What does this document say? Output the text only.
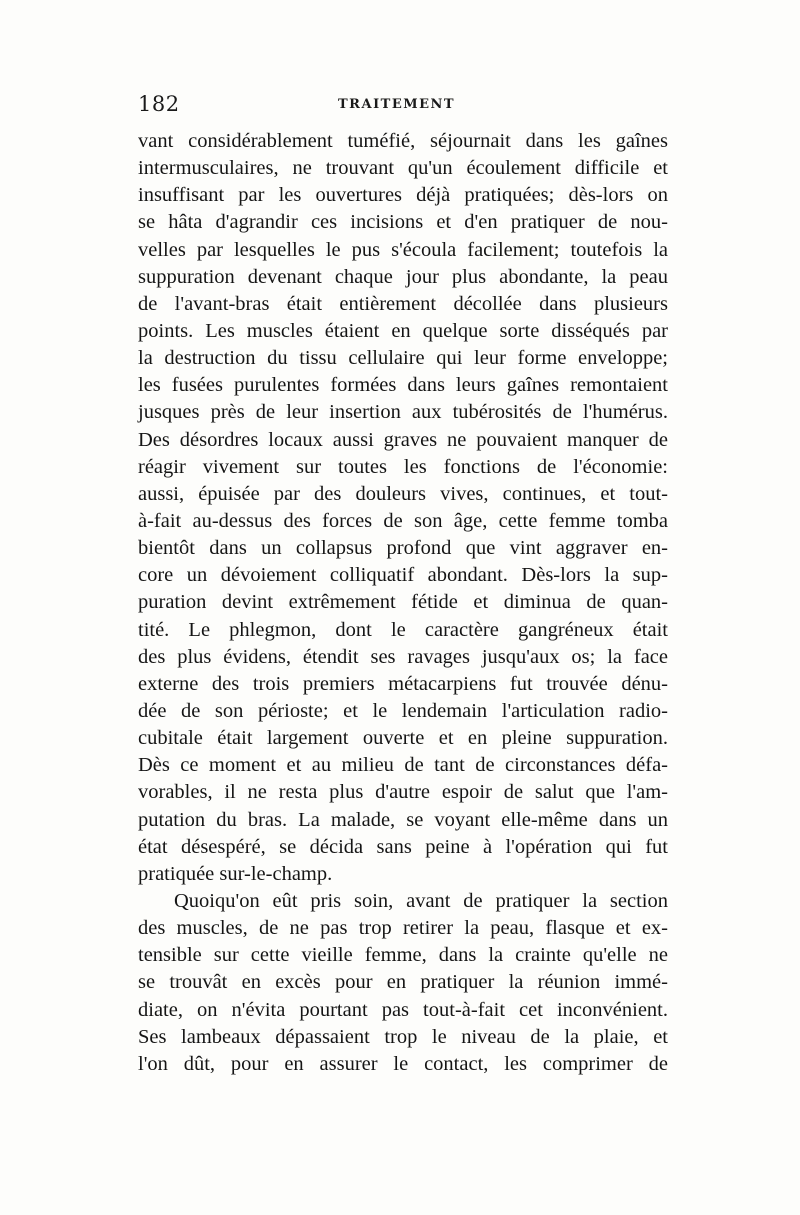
182	TRAITEMENT
vant considérablement tuméfié, séjournait dans les gaînes
intermusculaires, ne trouvant qu'un écoulement difficile et
insuffisant par les ouvertures déjà pratiquées; dès-lors on
se hâta d'agrandir ces incisions et d'en pratiquer de nou-
velles par lesquelles le pus s'écoula facilement; toutefois la
suppuration devenant chaque jour plus abondante, la peau
de l'avant-bras était entièrement décollée dans plusieurs
points. Les muscles étaient en quelque sorte disséqués par
la destruction du tissu cellulaire qui leur forme enveloppe;
les fusées purulentes formées dans leurs gaînes remontaient
jusques près de leur insertion aux tubérosités de l'humérus.
Des désordres locaux aussi graves ne pouvaient manquer de
réagir vivement sur toutes les fonctions de l'économie:
aussi, épuisée par des douleurs vives, continues, et tout-
à-fait au-dessus des forces de son âge, cette femme tomba
bientôt dans un collapsus profond que vint aggraver en-
core un dévoiement colliquatif abondant. Dès-lors la sup-
puration devint extrêmement fétide et diminua de quan-
tité. Le phlegmon, dont le caractère gangréneux était
des plus évidens, étendit ses ravages jusqu'aux os; la face
externe des trois premiers métacarpiens fut trouvée dénu-
dée de son périoste; et le lendemain l'articulation radio-
cubitale était largement ouverte et en pleine suppuration.
Dès ce moment et au milieu de tant de circonstances défa-
vorables, il ne resta plus d'autre espoir de salut que l'am-
putation du bras. La malade, se voyant elle-même dans un
état désespéré, se décida sans peine à l'opération qui fut
pratiquée sur-le-champ.
Quoiqu'on eût pris soin, avant de pratiquer la section
des muscles, de ne pas trop retirer la peau, flasque et ex-
tensible sur cette vieille femme, dans la crainte qu'elle ne
se trouvât en excès pour en pratiquer la réunion immé-
diate, on n'évita pourtant pas tout-à-fait cet inconvénient.
Ses lambeaux dépassaient trop le niveau de la plaie, et
l'on dût, pour en assurer le contact, les comprimer de
